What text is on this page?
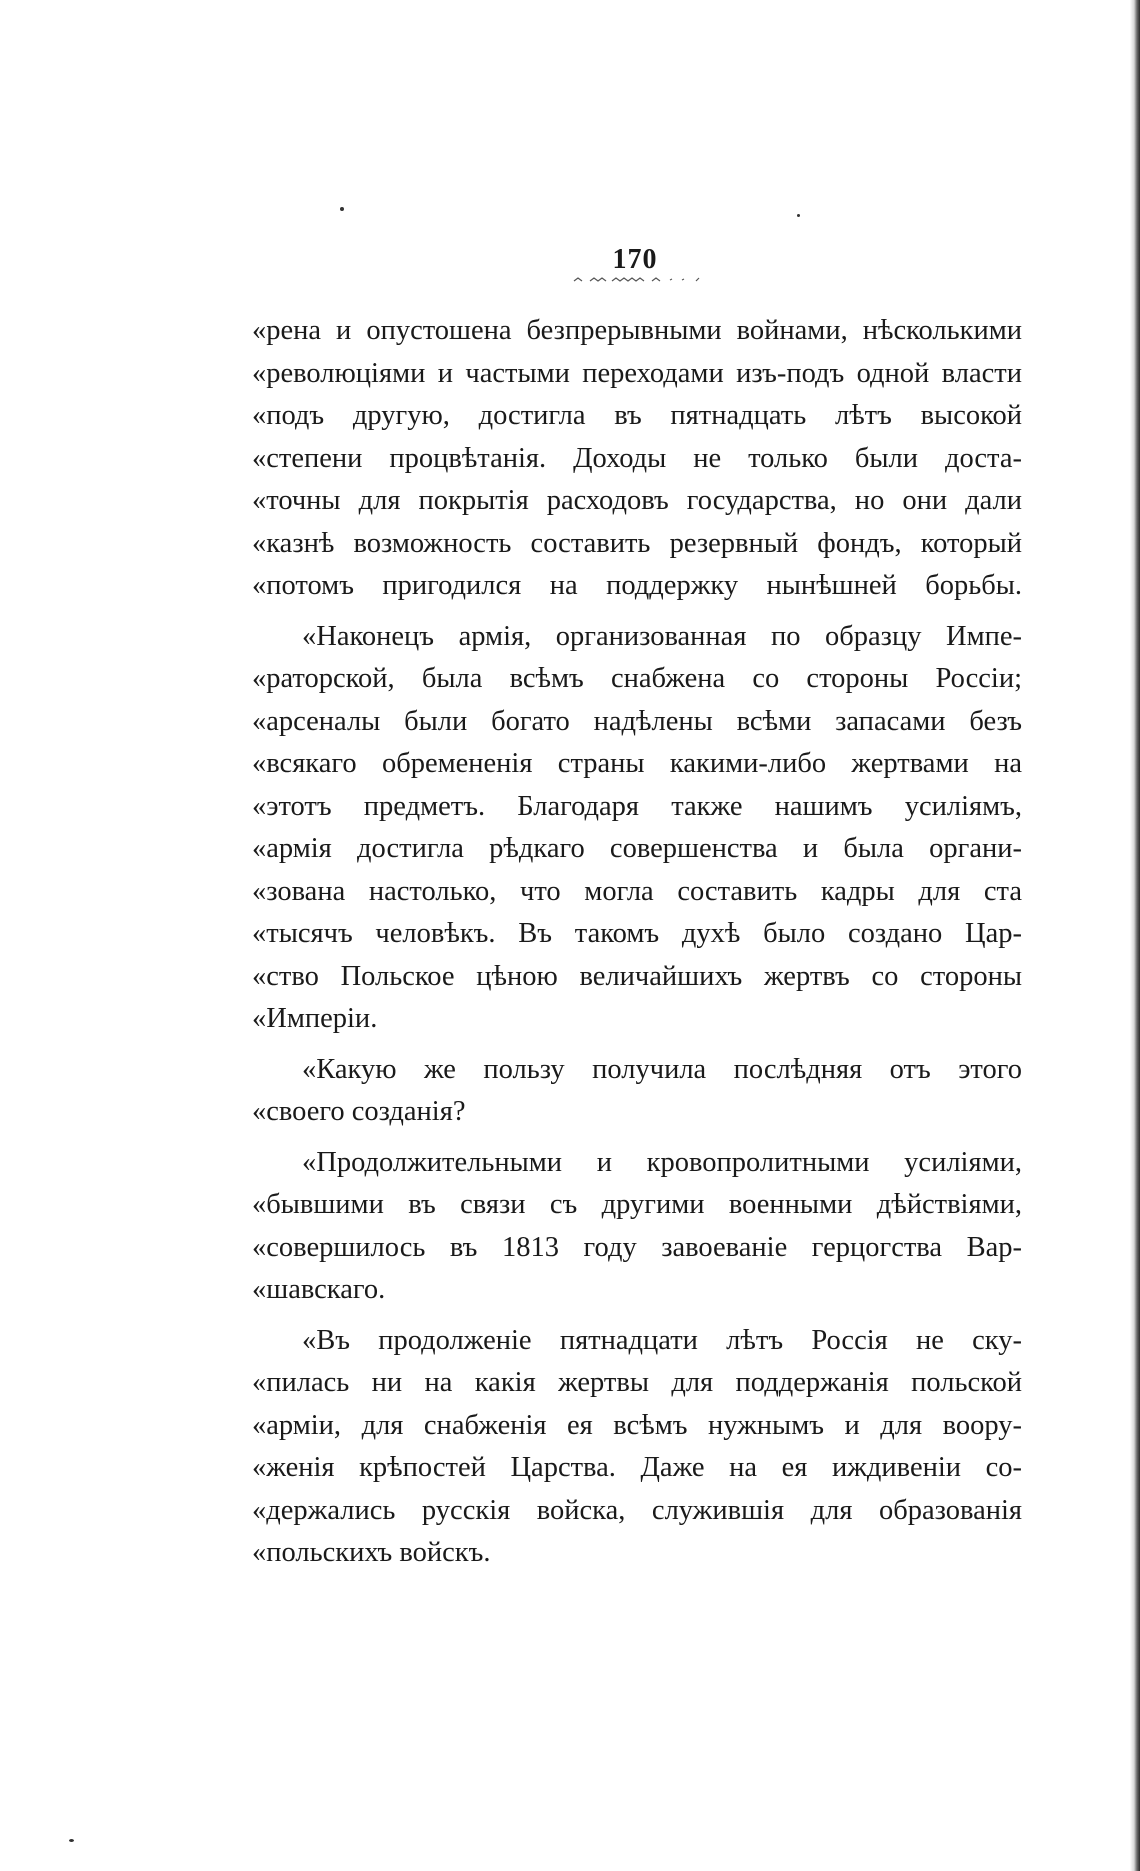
170
«рена и опустошена безпрерывными войнами, нѣсколькими
«революціями и частыми переходами изъ-подъ одной власти
«подъ другую, достигла въ пятнадцать лѣтъ высокой
«степени процвѣтанія. Доходы не только были доста-
«точны для покрытія расходовъ государства, но они дали
«казнѣ возможность составить резервный фондъ, который
«потомъ пригодился на поддержку нынѣшней борьбы.
«Наконецъ армія, организованная по образцу Импе-
«раторской, была всѣмъ снабжена со стороны Россіи;
«арсеналы были богато надѣлены всѣми запасами безъ
«всякаго обремененія страны какими-либо жертвами на
«этотъ предметъ. Благодаря также нашимъ усиліямъ,
«армія достигла рѣдкаго совершенства и была органи-
«зована настолько, что могла составить кадры для ста
«тысячъ человѣкъ. Въ такомъ духѣ было создано Цар-
«ство Польское цѣною величайшихъ жертвъ со стороны
«Имперіи.
«Какую же пользу получила послѣдняя отъ этого
«своего созданія?
«Продолжительными и кровопролитными усиліями,
«бывшими въ связи съ другими военными дѣйствіями,
«совершилось въ 1813 году завоеваніе герцогства Вар-
«шавскаго.
«Въ продолженіе пятнадцати лѣтъ Россія не ску-
«пилась ни на какія жертвы для поддержанія польской
«арміи, для снабженія ея всѣмъ нужнымъ и для воору-
«женія крѣпостей Царства. Даже на ея иждивеніи со-
«держались русскія войска, служившія для образованія
«польскихъ войскъ.
